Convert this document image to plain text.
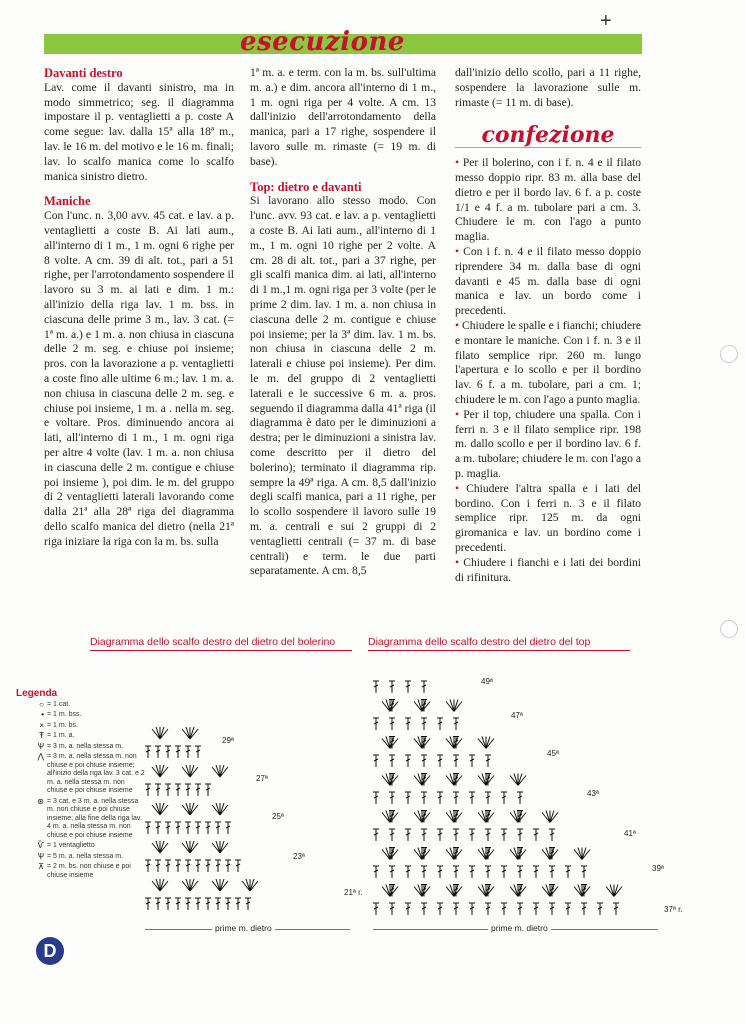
+
esecuzione

Davanti destro

Lav. come il davanti sinistro, ma in modo simmetrico; seg. il diagramma impostare il p. ventaglietti a p. coste A come segue: lav. dalla 15ª alla 18ª m., lav. le 16 m. del motivo e le 16 m. finali; lav. lo scalfo manica come lo scalfo manica sinistro dietro.

Maniche

Con l'unc. n. 3,00 avv. 45 cat. e lav. a p. ventaglietti a coste B. Ai lati aum., all'interno di 1 m., 1 m. ogni 6 righe per 8 volte. A cm. 39 di alt. tot., pari a 51 righe, per l'arrotondamento sospendere il lavoro su 3 m. ai lati e dim. 1 m.: all'inizio della riga lav. 1 m. bss. in ciascuna delle prime 3 m., lav. 3 cat. (= 1ª m. a.) e 1 m. a. non chiusa in ciascuna delle 2 m. seg. e chiuse poi insieme; pros. con la lavorazione a p. ventaglietti a coste fino alle ultime 6 m.; lav. 1 m. a. non chiusa in ciascuna delle 2 m. seg. e chiuse poi insieme, 1 m. a . nella m. seg. e voltare. Pros. diminuendo ancora ai lati, all'interno di 1 m., 1 m. ogni riga per altre 4 volte (lav. 1 m. a. non chiusa in ciascuna delle 2 m. contigue e chiuse poi insieme ), poi dim. le m. del gruppo di 2 ventaglietti laterali lavorando come dalla 21ª alla 28ª riga del diagramma dello scalfo manica del dietro (nella 21ª riga iniziare la riga con la m. bs. sulla

1ª m. a. e term. con la m. bs. sull'ultima m. a.) e dim. ancora all'interno di 1 m., 1 m. ogni riga per 4 volte. A cm. 13 dall'inizio dell'arrotondamento della manica, pari a 17 righe, sospendere il lavoro sulle m. rimaste (= 19 m. di base).

Top: dietro e davanti

Si lavorano allo stesso modo. Con l'unc. avv. 93 cat. e lav. a p. ventaglietti a coste B. Ai lati aum., all'interno di 1 m., 1 m. ogni 10 righe per 2 volte. A cm. 28 di alt. tot., pari a 37 righe, per gli scalfi manica dim. ai lati, all'interno di 1 m.,1 m. ogni riga per 3 volte (per le prime 2 dim. lav. 1 m. a. non chiusa in ciascuna delle 2 m. contigue e chiuse poi insieme; per la 3ª dim. lav. 1 m. bs. non chiusa in ciascuna delle 2 m. laterali e chiuse poi insieme). Per dim. le m. del gruppo di 2 ventaglietti laterali e le successive 6 m. a. pros. seguendo il diagramma dalla 41ª riga (il diagramma è dato per le diminuzioni a destra; per le diminuzioni a sinistra lav. come descritto per il dietro del bolerino); terminato il diagramma rip. sempre la 49ª riga. A cm. 8,5 dall'inizio degli scalfi manica, pari a 11 righe, per lo scollo sospendere il lavoro sulle 19 m. a. centrali e sui 2 gruppi di 2 ventaglietti centrali (= 37 m. di base centrali) e term. le due parti separatamente. A cm. 8,5

dall'inizio dello scollo, pari a 11 righe, sospendere la lavorazione sulle m. rimaste (= 11 m. di base).

confezione

• Per il bolerino, con i f. n. 4 e il filato messo doppio ripr. 83 m. alla base del dietro e per il bordo lav. 6 f. a p. coste 1/1 e 4 f. a m. tubolare pari a cm. 3. Chiudere le m. con l'ago a punto maglia.

• Con i f. n. 4 e il filato messo doppio riprendere 34 m. dalla base di ogni davanti e 45 m. dalla base di ogni manica e lav. un bordo come i precedenti.

• Chiudere le spalle e i fianchi; chiudere e montare le maniche. Con i f. n. 3 e il filato semplice ripr. 260 m. lungo l'apertura e lo scollo e per il bordino lav. 6 f. a m. tubolare, pari a cm. 1; chiudere le m. con l'ago a punto maglia.

• Per il top, chiudere una spalla. Con i ferri n. 3 e il filato semplice ripr. 198 m. dallo scollo e per il bordino lav. 6 f. a m. tubolare; chiudere le m. con l'ago a p. maglia.

• Chiudere l'altra spalla e i lati del bordino. Con i ferri n. 3 e il filato semplice ripr. 125 m. da ogni giromanica e lav. un bordino come i precedenti.

• Chiudere i fianchi e i lati dei bordini di rifinitura.

Diagramma dello scalfo destro del dietro del bolerino	Diagramma dello scalfo destro del dietro del top
Legenda
○ = 1 cat.
• = 1 m. bss.
× = 1 m. bs.
Ŧ = 1 m. a.
Ѱ = 3 m. a. nella stessa m.
⋀ = 3 m. a. nella stessa m. non chiuse e poi chiuse insieme; all'inizio della riga lav. 3 cat. e 2 m. a. nella stessa m. non chiuse e poi chiuse insieme
⊛ = 3 cat. e 3 m. a. nella stessa m. non chiuse e poi chiuse insieme; alla fine della riga lav. 4 m. a. nella stessa m. non chiuse e poi chiuse insieme
Ѷ = 1 ventaglietto
Ѱ = 5 m. a. nella stessa m.
⊼ = 2 m. bs. non chiuse e poi chiuse insieme
29ª
27ª
25ª
23ª
21ª r.
prime m. dietro
49ª
47ª
45ª
43ª
41ª
39ª
37ª r.
prime m. dietro
D
